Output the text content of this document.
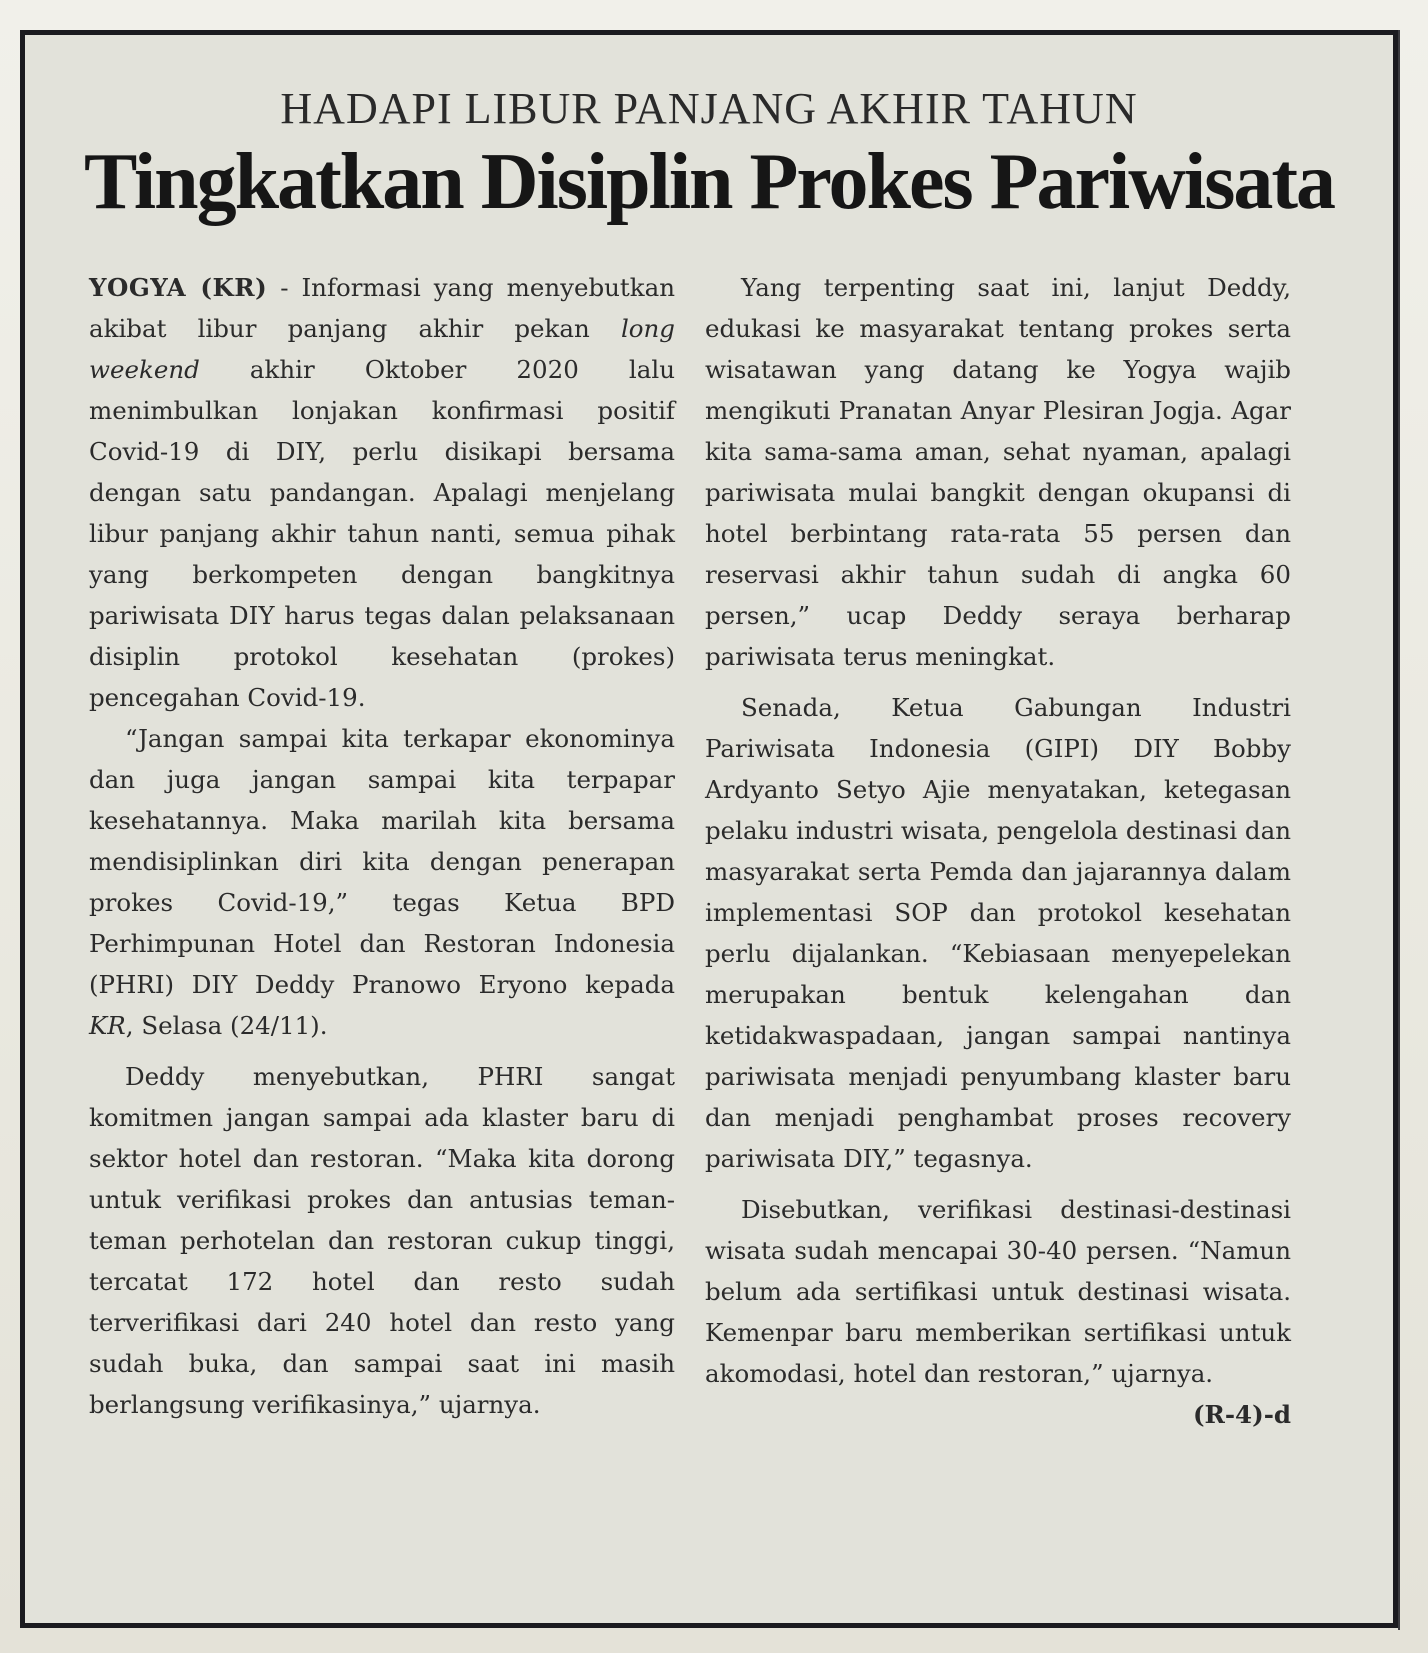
HADAPI LIBUR PANJANG AKHIR TAHUN
Tingkatkan Disiplin Prokes Pariwisata

YOGYA (KR) - Informasi yang menyebutkan akibat libur panjang akhir pekan long weekend akhir Oktober 2020 lalu menimbulkan lonjakan konfirmasi positif Covid-19 di DIY, perlu disikapi bersama dengan satu pandangan. Apalagi menjelang libur panjang akhir tahun nanti, semua pihak yang berkompeten dengan bangkitnya pariwisata DIY harus tegas dalan pelaksanaan disiplin protokol kesehatan (prokes) pencegahan Covid-19.

“Jangan sampai kita terkapar ekonominya dan juga jangan sampai kita terpapar kesehatannya. Maka marilah kita bersama mendisiplinkan diri kita dengan penerapan prokes Covid-19,” tegas Ketua BPD Perhimpunan Hotel dan Restoran Indonesia (PHRI) DIY Deddy Pranowo Eryono kepada KR, Selasa (24/11).

Deddy menyebutkan, PHRI sangat komitmen jangan sampai ada klaster baru di sektor hotel dan restoran. “Maka kita dorong untuk verifikasi prokes dan antusias teman-teman perhotelan dan restoran cukup tinggi, tercatat 172 hotel dan resto sudah terverifikasi dari 240 hotel dan resto yang sudah buka, dan sampai saat ini masih berlangsung verifikasinya,” ujarnya.

Yang terpenting saat ini, lanjut Deddy, edukasi ke masyarakat tentang prokes serta wisatawan yang datang ke Yogya wajib mengikuti Pranatan Anyar Plesiran Jogja. Agar kita sama-sama aman, sehat nyaman, apalagi pariwisata mulai bangkit dengan okupansi di hotel berbintang rata-rata 55 persen dan reservasi akhir tahun sudah di angka 60 persen,” ucap Deddy seraya berharap pariwisata terus meningkat.

Senada, Ketua Gabungan Industri Pariwisata Indonesia (GIPI) DIY Bobby Ardyanto Setyo Ajie menyatakan, ketegasan pelaku industri wisata, pengelola destinasi dan masyarakat serta Pemda dan jajarannya dalam implementasi SOP dan protokol kesehatan perlu dijalankan. “Kebiasaan menyepelekan merupakan bentuk kelengahan dan ketidakwaspadaan, jangan sampai nantinya pariwisata menjadi penyumbang klaster baru dan menjadi penghambat proses recovery pariwisata DIY,” tegasnya.

Disebutkan, verifikasi destinasi-destinasi wisata sudah mencapai 30-40 persen. “Namun belum ada sertifikasi untuk destinasi wisata. Kemenpar baru memberikan sertifikasi untuk akomodasi, hotel dan restoran,” ujarnya.
(R-4)-d
